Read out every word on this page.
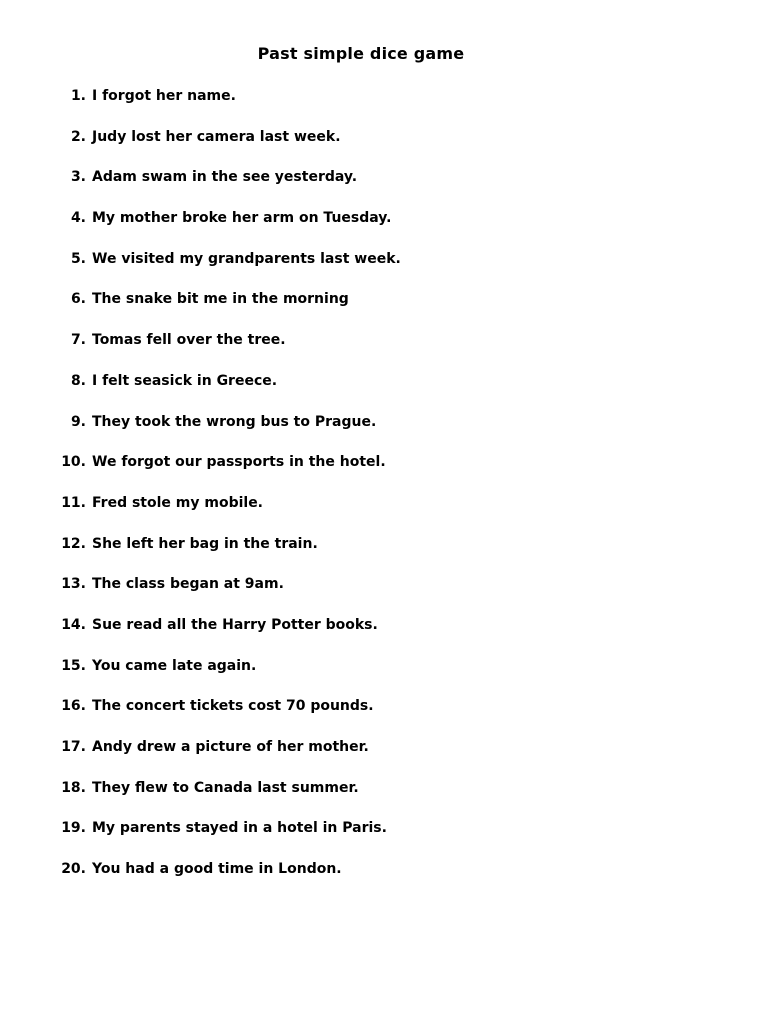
Past simple dice game
1. I forgot her name.
2. Judy lost her camera last week.
3. Adam swam in the see yesterday.
4. My mother broke her arm on Tuesday.
5. We visited my grandparents last week.
6. The snake bit me in the morning
7. Tomas fell over the tree.
8. I felt seasick in Greece.
9. They took the wrong bus to Prague.
10. We forgot our passports in the hotel.
11. Fred stole my mobile.
12. She left her bag in the train.
13. The class began at 9am.
14. Sue read all the Harry Potter books.
15. You came late again.
16. The concert tickets cost 70 pounds.
17. Andy drew a picture of her mother.
18. They flew to Canada last summer.
19. My parents stayed in a hotel in Paris.
20. You had a good time in London.
